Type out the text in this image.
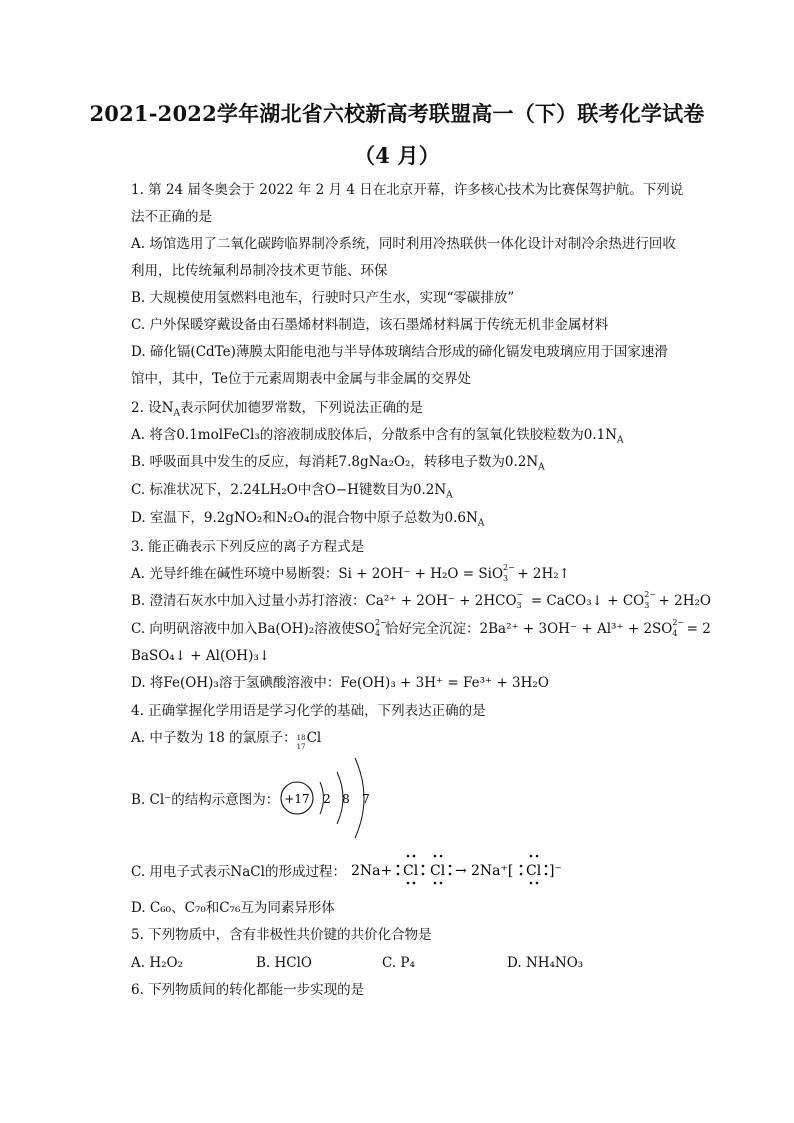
2021-2022学年湖北省六校新高考联盟高一（下）联考化学试卷
（4 月）
1. 第 24 届冬奥会于 2022 年 2 月 4 日在北京开幕，许多核心技术为比赛保驾护航。下列说
法不正确的是
A. 场馆选用了二氧化碳跨临界制冷系统，同时利用冷热联供一体化设计对制冷余热进行回收
利用，比传统氟利昂制冷技术更节能、环保
B. 大规模使用氢燃料电池车，行驶时只产生水，实现“零碳排放”
C. 户外保暖穿戴设备由石墨烯材料制造，该石墨烯材料属于传统无机非金属材料
D. 碲化镉(CdTe)薄膜太阳能电池与半导体玻璃结合形成的碲化镉发电玻璃应用于国家速滑
馆中，其中，Te位于元素周期表中金属与非金属的交界处
2. 设$N_A$表示阿伏加德罗常数，下列说法正确的是
A. 将含0.1molFeCl₃的溶液制成胶体后，分散系中含有的氢氧化铁胶粒数为$0.1N_A$
B. 呼吸面具中发生的反应，每消耗7.8gNa₂O₂，转移电子数为$0.2N_A$
C. 标准状况下，2.24LH₂O中含O−H键数目为$0.2N_A$
D. 室温下，9.2gNO₂和N₂O₄的混合物中原子总数为$0.6N_A$
3. 能正确表示下列反应的离子方程式是
A. 光导纤维在碱性环境中易断裂：Si + 2OH⁻ + H₂O = SiO 2−
3 + 2H₂↑
B. 澄清石灰水中加入过量小苏打溶液：Ca²⁺ + 2OH⁻ + 2HCO −
3 = CaCO₃↓ + CO 2−
3 + 2H₂O
C. 向明矾溶液中加入Ba(OH)₂溶液使SO 2−
4 恰好完全沉淀：2Ba²⁺ + 3OH⁻ + Al³⁺ + 2SO 2−
4 = 2
BaSO₄↓ + Al(OH)₃↓
D. 将Fe(OH)₃溶于氢碘酸溶液中：Fe(OH)₃ + 3H⁺ = Fe³⁺ + 3H₂O
4. 正确掌握化学用语是学习化学的基础，下列表达正确的是
A. 中子数为 18 的氯原子： 18
17
Cl
B. Cl⁻的结构示意图为： +17 2 8 7
C. 用电子式表示NaCl的形成过程： 2Na+ Cl Cl → 2Na⁺[ Cl ]⁻
D. C₆₀、C₇₀和C₇₆互为同素异形体
5. 下列物质中，含有非极性共价键的共价化合物是
A. H₂O₂	B. HClO	C. P₄	D. NH₄NO₃
6. 下列物质间的转化都能一步实现的是
